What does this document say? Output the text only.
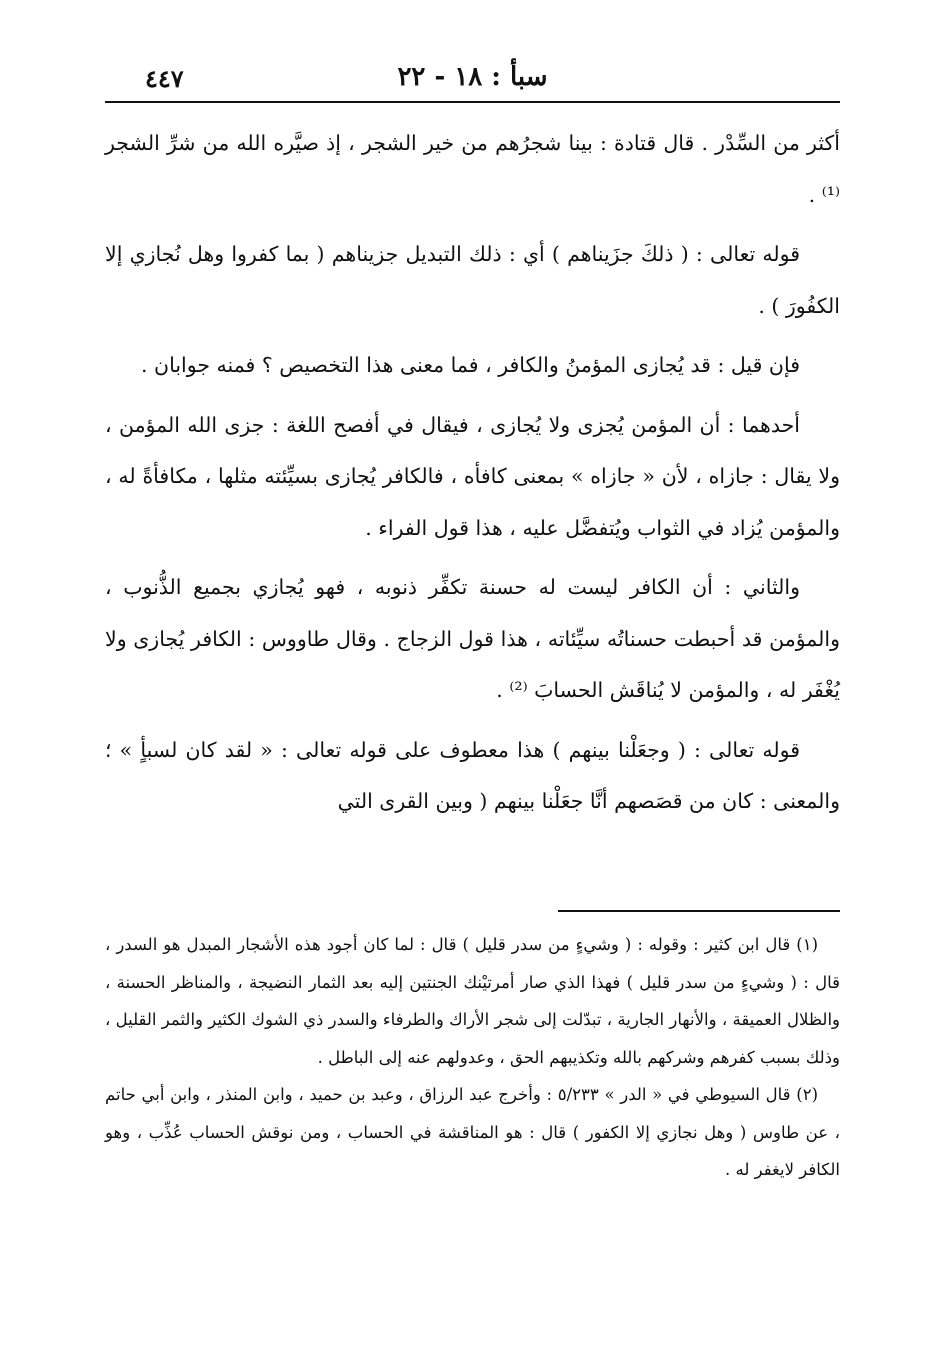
٤٤٧	سبأ : ١٨ - ٢٢

أكثر من السِّدْر . قال قتادة : بينا شجرُهم من خير الشجر ، إذ صيَّره الله من شرِّ الشجر ⁽¹⁾ .

قوله تعالى : ( ذلكَ جزَيناهم ) أي : ذلك التبديل جزيناهم ( بما كفروا وهل نُجازي إلا الكفُورَ ) .

فإن قيل : قد يُجازى المؤمنُ والكافر ، فما معنى هذا التخصيص ؟ فمنه جوابان .

أحدهما : أن المؤمن يُجزى ولا يُجازى ، فيقال في أفصح اللغة : جزى الله المؤمن ، ولا يقال : جازاه ، لأن « جازاه » بمعنى كافأه ، فالكافر يُجازى بسيِّئته مثلها ، مكافأةً له ، والمؤمن يُزاد في الثواب ويُتفضَّل عليه ، هذا قول الفراء .

والثاني : أن الكافر ليست له حسنة تكفِّر ذنوبه ، فهو يُجازي بجميع الذُّنوب ، والمؤمن قد أحبطت حسناتُه سيِّئاته ، هذا قول الزجاج . وقال طاووس : الكافر يُجازى ولا يُغْفَر له ، والمؤمن لا يُناقَش الحسابَ ⁽²⁾ .

قوله تعالى : ( وجعَلْنا بينهم ) هذا معطوف على قوله تعالى : « لقد كان لسبأٍ » ؛ والمعنى : كان من قصَصهم أنَّا جعَلْنا بينهم ( وبين القرى التي

(١) قال ابن كثير : وقوله : ( وشيءٍ من سدر قليل ) قال : لما كان أجود هذه الأشجار المبدل هو السدر ، قال : ( وشيءٍ من سدر قليل ) فهذا الذي صار أمرتيْنك الجنتين إليه بعد الثمار النضيجة ، والمناظر الحسنة ، والظلال العميقة ، والأنهار الجارية ، تبدّلت إلى شجر الأراك والطرفاء والسدر ذي الشوك الكثير والثمر القليل ، وذلك بسبب كفرهم وشركهم بالله وتكذيبهم الحق ، وعدولهم عنه إلى الباطل .

(٢) قال السيوطي في « الدر » ٥/٢٣٣ : وأخرج عبد الرزاق ، وعبد بن حميد ، وابن المنذر ، وابن أبي حاتم ، عن طاوس ( وهل نجازي إلا الكفور ) قال : هو المناقشة في الحساب ، ومن نوقش الحساب عُذِّب ، وهو الكافر لايغفر له .
